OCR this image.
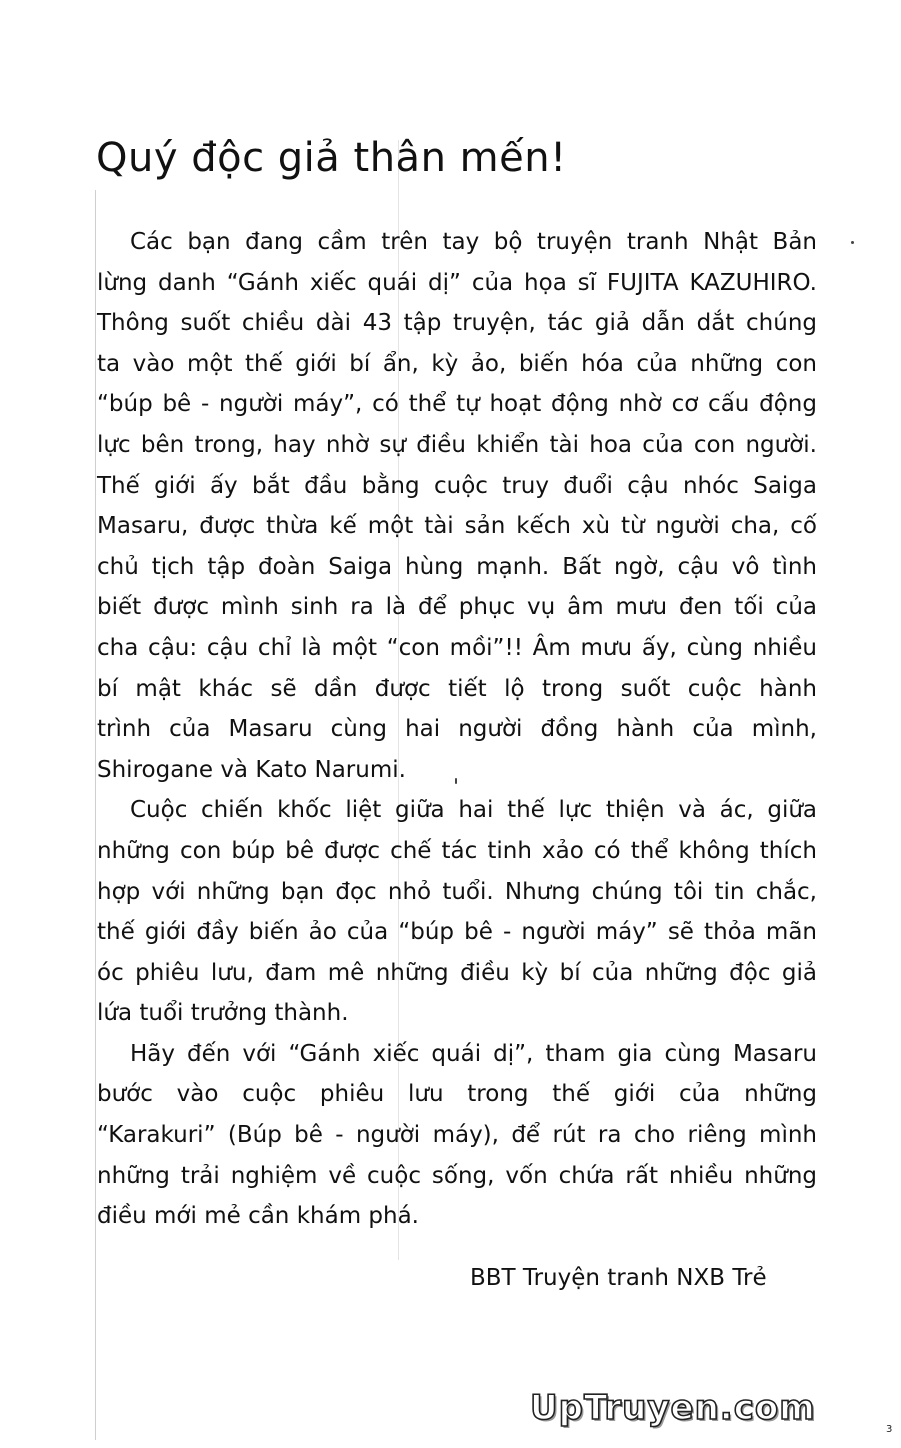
Quý độc giả thân mến!
Các bạn đang cầm trên tay bộ truyện tranh Nhật Bản
lừng danh “Gánh xiếc quái dị” của họa sĩ FUJITA KAZUHIRO.
Thông suốt chiều dài 43 tập truyện, tác giả dẫn dắt chúng
ta vào một thế giới bí ẩn, kỳ ảo, biến hóa của những con
“búp bê - người máy”, có thể tự hoạt động nhờ cơ cấu động
lực bên trong, hay nhờ sự điều khiển tài hoa của con người.
Thế giới ấy bắt đầu bằng cuộc truy đuổi cậu nhóc Saiga
Masaru, được thừa kế một tài sản kếch xù từ người cha, cố
chủ tịch tập đoàn Saiga hùng mạnh. Bất ngờ, cậu vô tình
biết được mình sinh ra là để phục vụ âm mưu đen tối của
cha cậu: cậu chỉ là một “con mồi”!! Âm mưu ấy, cùng nhiều
bí mật khác sẽ dần được tiết lộ trong suốt cuộc hành
trình của Masaru cùng hai người đồng hành của mình,
Shirogane và Kato Narumi.
Cuộc chiến khốc liệt giữa hai thế lực thiện và ác, giữa
những con búp bê được chế tác tinh xảo có thể không thích
hợp với những bạn đọc nhỏ tuổi. Nhưng chúng tôi tin chắc,
thế giới đầy biến ảo của “búp bê - người máy” sẽ thỏa mãn
óc phiêu lưu, đam mê những điều kỳ bí của những độc giả
lứa tuổi trưởng thành.
Hãy đến với “Gánh xiếc quái dị”, tham gia cùng Masaru
bước vào cuộc phiêu lưu trong thế giới của những
“Karakuri” (Búp bê - người máy), để rút ra cho riêng mình
những trải nghiệm về cuộc sống, vốn chứa rất nhiều những
điều mới mẻ cần khám phá.
BBT Truyện tranh NXB Trẻ
UpTruyen.com
3
